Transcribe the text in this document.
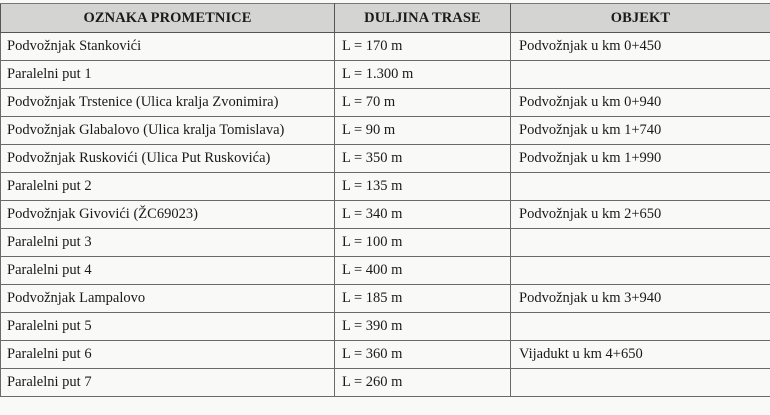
OZNAKA PROMETNICE	DULJINA TRASE	OBJEKT
Podvožnjak Stankovići	L = 170 m	Podvožnjak u km 0+450
Paralelni put 1	L = 1.300 m	
Podvožnjak Trstenice (Ulica kralja Zvonimira)	L = 70 m	Podvožnjak u km 0+940
Podvožnjak Glabalovo (Ulica kralja Tomislava)	L = 90 m	Podvožnjak u km 1+740
Podvožnjak Ruskovići (Ulica Put Ruskovića)	L = 350 m	Podvožnjak u km 1+990
Paralelni put 2	L = 135 m	
Podvožnjak Givovići (ŽC69023)	L = 340 m	Podvožnjak u km 2+650
Paralelni put 3	L = 100 m	
Paralelni put 4	L = 400 m	
Podvožnjak Lampalovo	L = 185 m	Podvožnjak u km 3+940
Paralelni put 5	L = 390 m	
Paralelni put 6	L = 360 m	Vijadukt u km 4+650
Paralelni put 7	L = 260 m	
